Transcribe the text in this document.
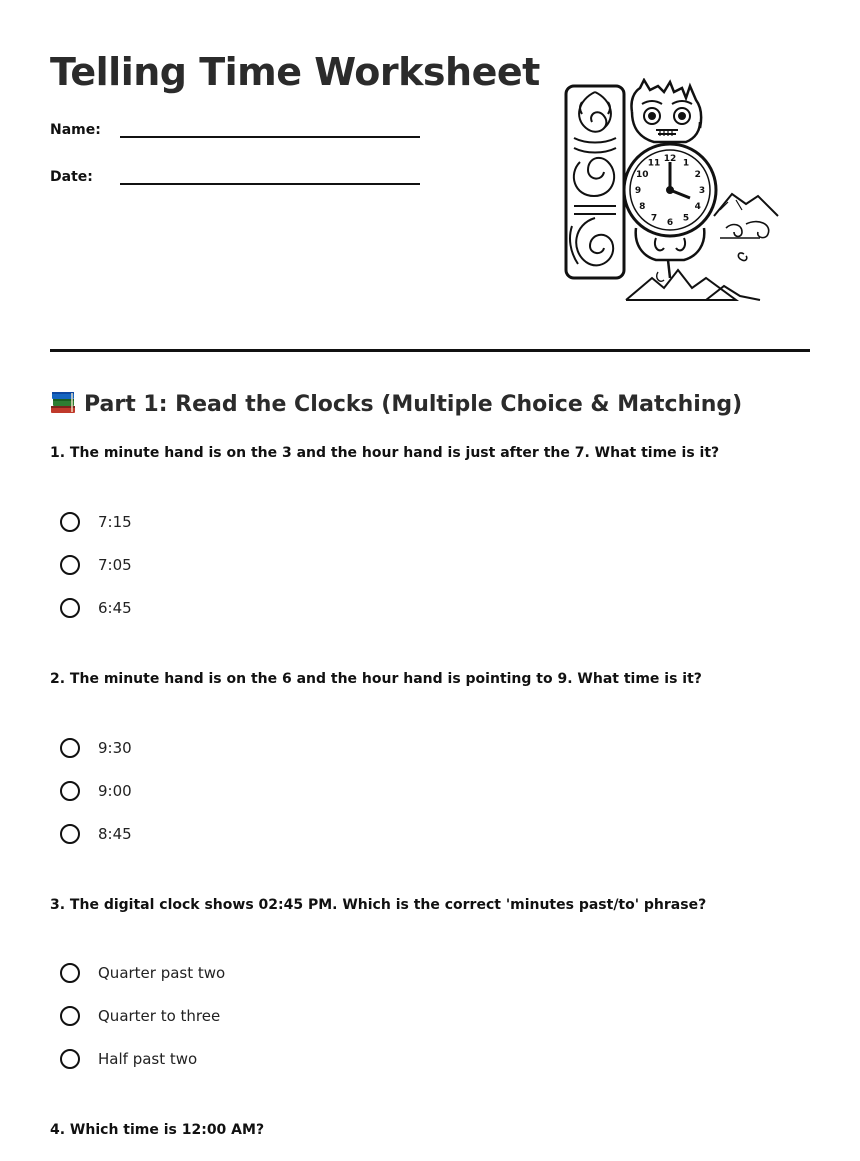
Telling Time Worksheet
Name:
Date:
12 1
2
3
4
5
6
7
8
9
10
11
Part 1: Read the Clocks (Multiple Choice & Matching)

1. The minute hand is on the 3 and the hour hand is just after the 7. What time is it?

7:15
7:05
6:45

2. The minute hand is on the 6 and the hour hand is pointing to 9. What time is it?

9:30
9:00
8:45

3. The digital clock shows 02:45 PM. Which is the correct 'minutes past/to' phrase?

Quarter past two
Quarter to three
Half past two

4. Which time is 12:00 AM?
